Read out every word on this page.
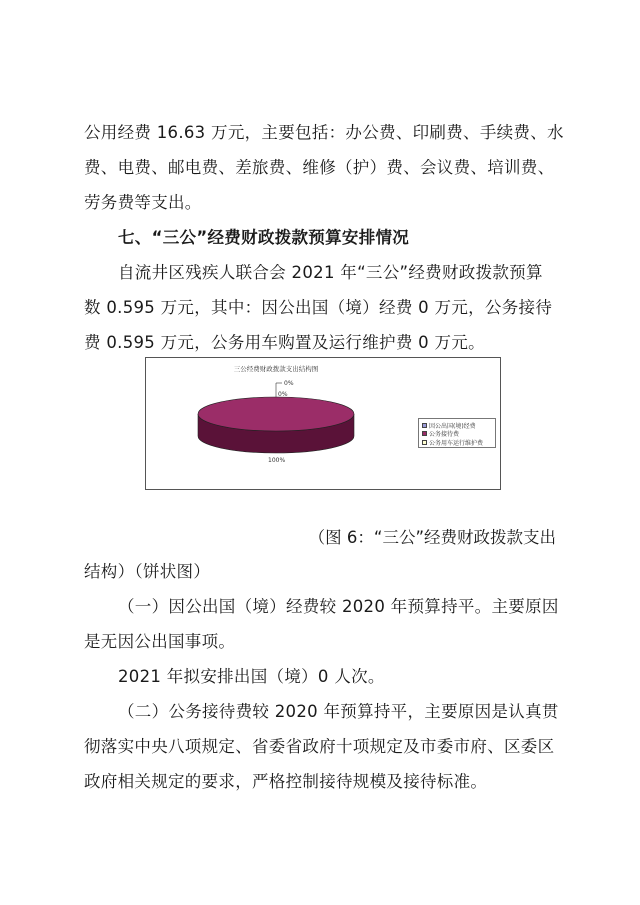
公用经费 16.63 万元，主要包括：办公费、印刷费、手续费、水
费、电费、邮电费、差旅费、维修（护）费、会议费、培训费、
劳务费等支出。
七、“三公”经费财政拨款预算安排情况
自流井区残疾人联合会 2021 年“三公”经费财政拨款预算
数 0.595 万元，其中：因公出国（境）经费 0 万元，公务接待
费 0.595 万元，公务用车购置及运行维护费 0 万元。
三公经费财政拨款支出结构图
0%
0%
100%
因公出国(境)经费
公务接待费
公务用车运行维护费
（图 6：“三公”经费财政拨款支出
结构）（饼状图）
（一）因公出国（境）经费较 2020 年预算持平。主要原因
是无因公出国事项。
2021 年拟安排出国（境）0 人次。
（二）公务接待费较 2020 年预算持平，主要原因是认真贯
彻落实中央八项规定、省委省政府十项规定及市委市府、区委区
政府相关规定的要求，严格控制接待规模及接待标准。
